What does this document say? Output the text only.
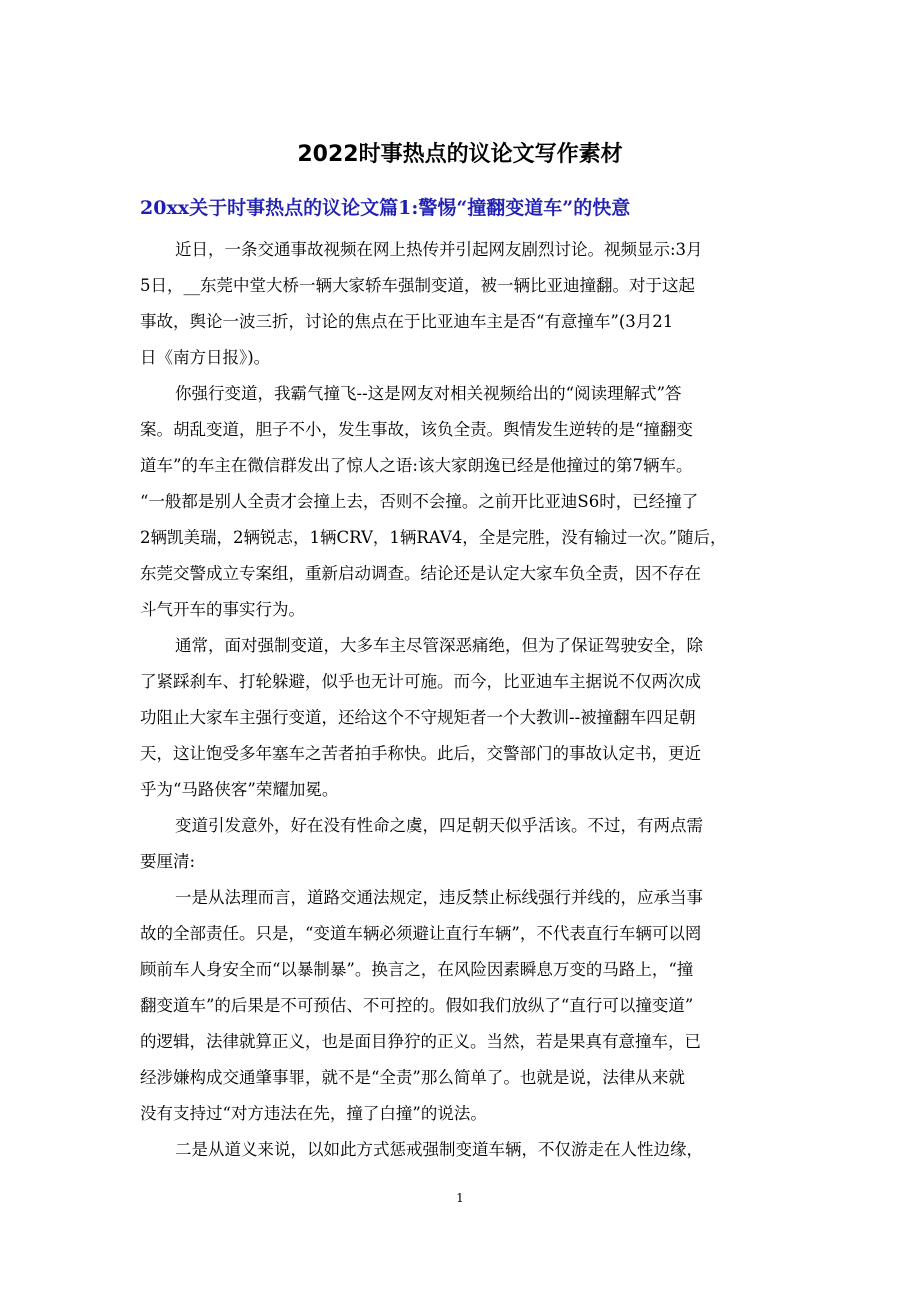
2022时事热点的议论文写作素材
20xx关于时事热点的议论文篇1:警惕“撞翻变道车”的快意
近日，一条交通事故视频在网上热传并引起网友剧烈讨论。视频显示:3月
5日，__东莞中堂大桥一辆大家轿车强制变道，被一辆比亚迪撞翻。对于这起
事故，舆论一波三折，讨论的焦点在于比亚迪车主是否“有意撞车”(3月21
日《南方日报》)。
你强行变道，我霸气撞飞--这是网友对相关视频给出的“阅读理解式”答
案。胡乱变道，胆子不小，发生事故，该负全责。舆情发生逆转的是“撞翻变
道车”的车主在微信群发出了惊人之语:该大家朗逸已经是他撞过的第7辆车。
“一般都是别人全责才会撞上去，否则不会撞。之前开比亚迪S6时，已经撞了
2辆凯美瑞，2辆锐志，1辆CRV，1辆RAV4，全是完胜，没有输过一次。”随后，
东莞交警成立专案组，重新启动调查。结论还是认定大家车负全责，因不存在
斗气开车的事实行为。
通常，面对强制变道，大多车主尽管深恶痛绝，但为了保证驾驶安全，除
了紧踩刹车、打轮躲避，似乎也无计可施。而今，比亚迪车主据说不仅两次成
功阻止大家车主强行变道，还给这个不守规矩者一个大教训--被撞翻车四足朝
天，这让饱受多年塞车之苦者拍手称快。此后，交警部门的事故认定书，更近
乎为“马路侠客”荣耀加冕。
变道引发意外，好在没有性命之虞，四足朝天似乎活该。不过，有两点需
要厘清:
一是从法理而言，道路交通法规定，违反禁止标线强行并线的，应承当事
故的全部责任。只是，“变道车辆必须避让直行车辆”，不代表直行车辆可以罔
顾前车人身安全而“以暴制暴”。换言之，在风险因素瞬息万变的马路上，“撞
翻变道车”的后果是不可预估、不可控的。假如我们放纵了“直行可以撞变道”
的逻辑，法律就算正义，也是面目狰狞的正义。当然，若是果真有意撞车，已
经涉嫌构成交通肇事罪，就不是“全责”那么简单了。也就是说，法律从来就
没有支持过“对方违法在先，撞了白撞”的说法。
二是从道义来说，以如此方式惩戒强制变道车辆，不仅游走在人性边缘，
1
